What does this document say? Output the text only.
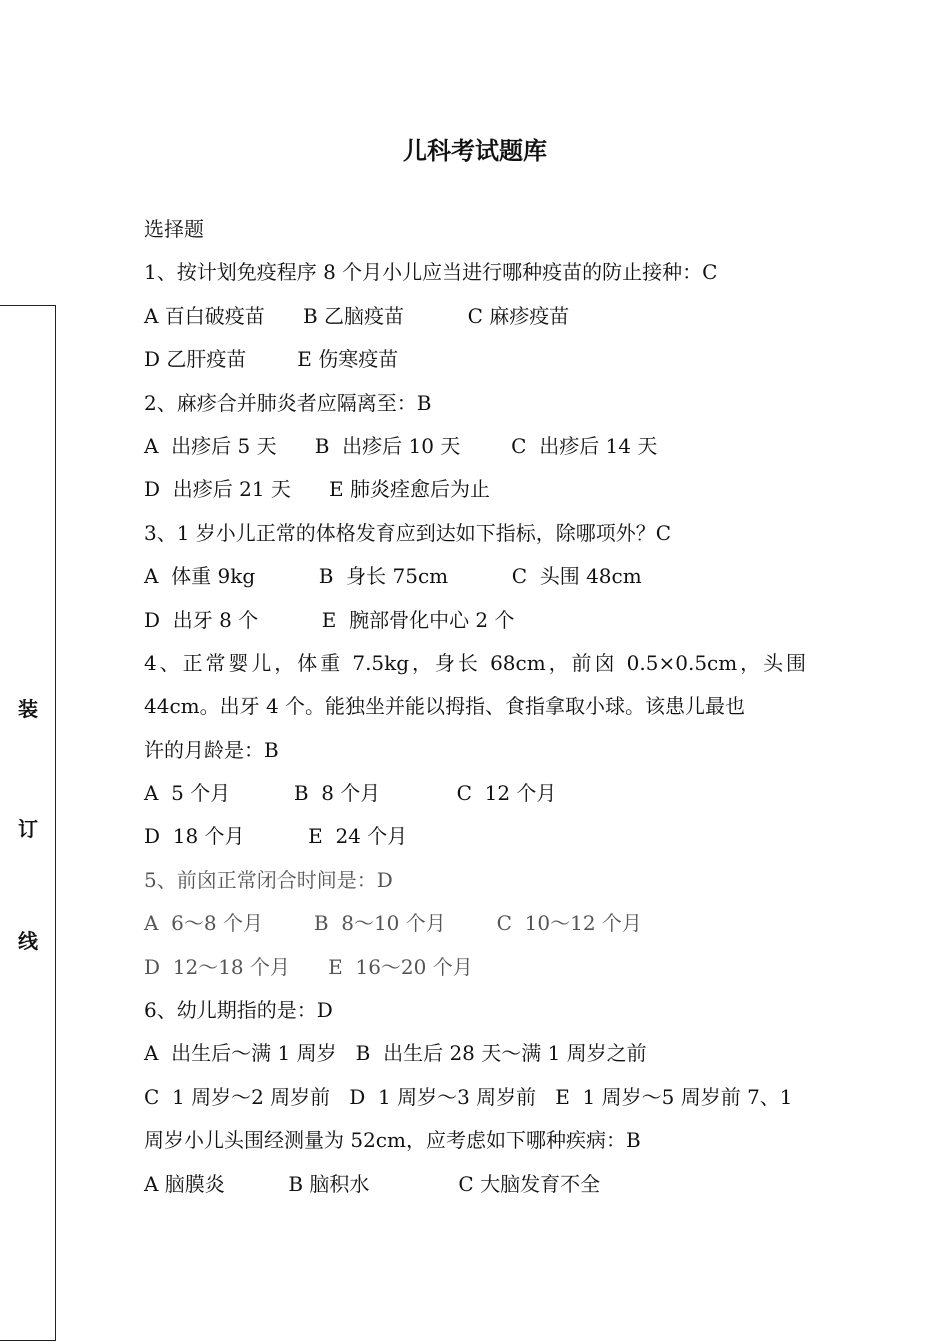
装
订
线
儿科考试题库
选择题
1、按计划免疫程序 8 个月小儿应当进行哪种疫苗的防止接种：C
A 百白破疫苗      B 乙脑疫苗          C 麻疹疫苗
D 乙肝疫苗        E 伤寒疫苗
2、麻疹合并肺炎者应隔离至：B
A  出疹后 5 天      B  出疹后 10 天        C  出疹后 14 天
D  出疹后 21 天      E 肺炎痊愈后为止
3、1 岁小儿正常的体格发育应到达如下指标，除哪项外？C
A  体重 9kg          B  身长 75cm          C  头围 48cm
D  出牙 8 个          E  腕部骨化中心 2 个
4、正常婴儿，体重 7.5kg，身长 68cm，前囟 0.5×0.5cm，头围
44cm。出牙 4 个。能独坐并能以拇指、食指拿取小球。该患儿最也
许的月龄是：B
A  5 个月          B  8 个月            C  12 个月
D  18 个月          E  24 个月
5、前囟正常闭合时间是：D
A  6～8 个月        B  8～10 个月        C  10～12 个月
D  12～18 个月      E  16～20 个月
6、幼儿期指的是：D
A  出生后～满 1 周岁   B  出生后 28 天～满 1 周岁之前
C  1 周岁～2 周岁前   D  1 周岁～3 周岁前   E  1 周岁～5 周岁前 7、1
周岁小儿头围经测量为 52cm，应考虑如下哪种疾病：B
A 脑膜炎          B 脑积水              C 大脑发育不全
